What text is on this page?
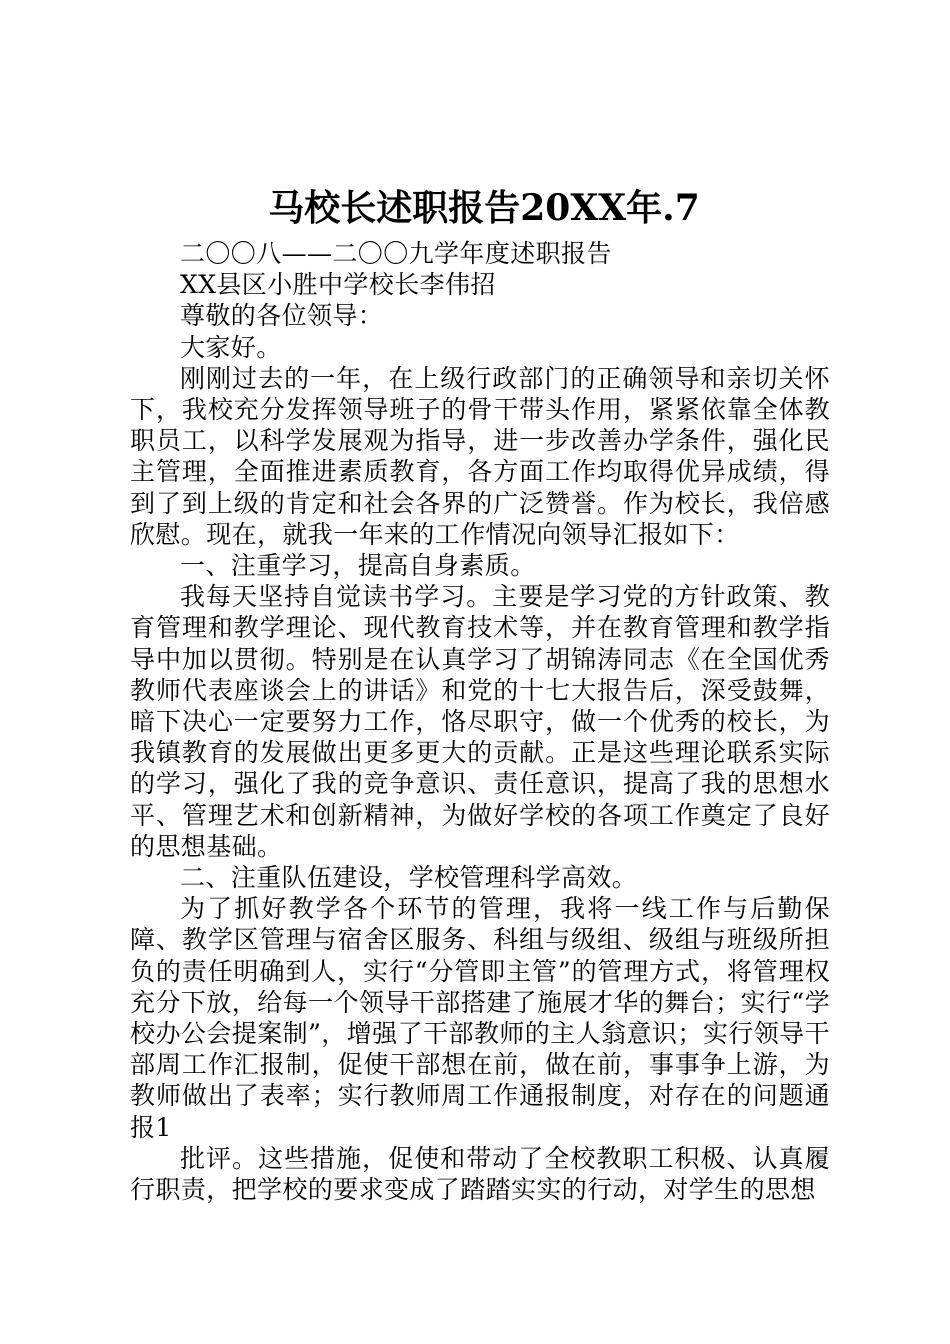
马校长述职报告20XX年.7

二〇〇八——二〇〇九学年度述职报告

XX县区小胜中学校长李伟招

尊敬的各位领导：

大家好。

刚刚过去的一年，在上级行政部门的正确领导和亲切关怀下，我校充分发挥领导班子的骨干带头作用，紧紧依靠全体教职员工，以科学发展观为指导，进一步改善办学条件，强化民主管理，全面推进素质教育，各方面工作均取得优异成绩，得到了到上级的肯定和社会各界的广泛赞誉。作为校长，我倍感欣慰。现在，就我一年来的工作情况向领导汇报如下：

一、注重学习，提高自身素质。

我每天坚持自觉读书学习。主要是学习党的方针政策、教育管理和教学理论、现代教育技术等，并在教育管理和教学指导中加以贯彻。特别是在认真学习了胡锦涛同志《在全国优秀教师代表座谈会上的讲话》和党的十七大报告后，深受鼓舞，暗下决心一定要努力工作，恪尽职守，做一个优秀的校长，为我镇教育的发展做出更多更大的贡献。正是这些理论联系实际的学习，强化了我的竞争意识、责任意识，提高了我的思想水平、管理艺术和创新精神，为做好学校的各项工作奠定了良好的思想基础。

二、注重队伍建设，学校管理科学高效。

为了抓好教学各个环节的管理，我将一线工作与后勤保障、教学区管理与宿舍区服务、科组与级组、级组与班级所担负的责任明确到人，实行“分管即主管”的管理方式，将管理权充分下放，给每一个领导干部搭建了施展才华的舞台；实行“学校办公会提案制”，增强了干部教师的主人翁意识；实行领导干部周工作汇报制，促使干部想在前，做在前，事事争上游，为教师做出了表率；实行教师周工作通报制度，对存在的问题通报1

批评。这些措施，促使和带动了全校教职工积极、认真履行职责，把学校的要求变成了踏踏实实的行动，对学生的思想
